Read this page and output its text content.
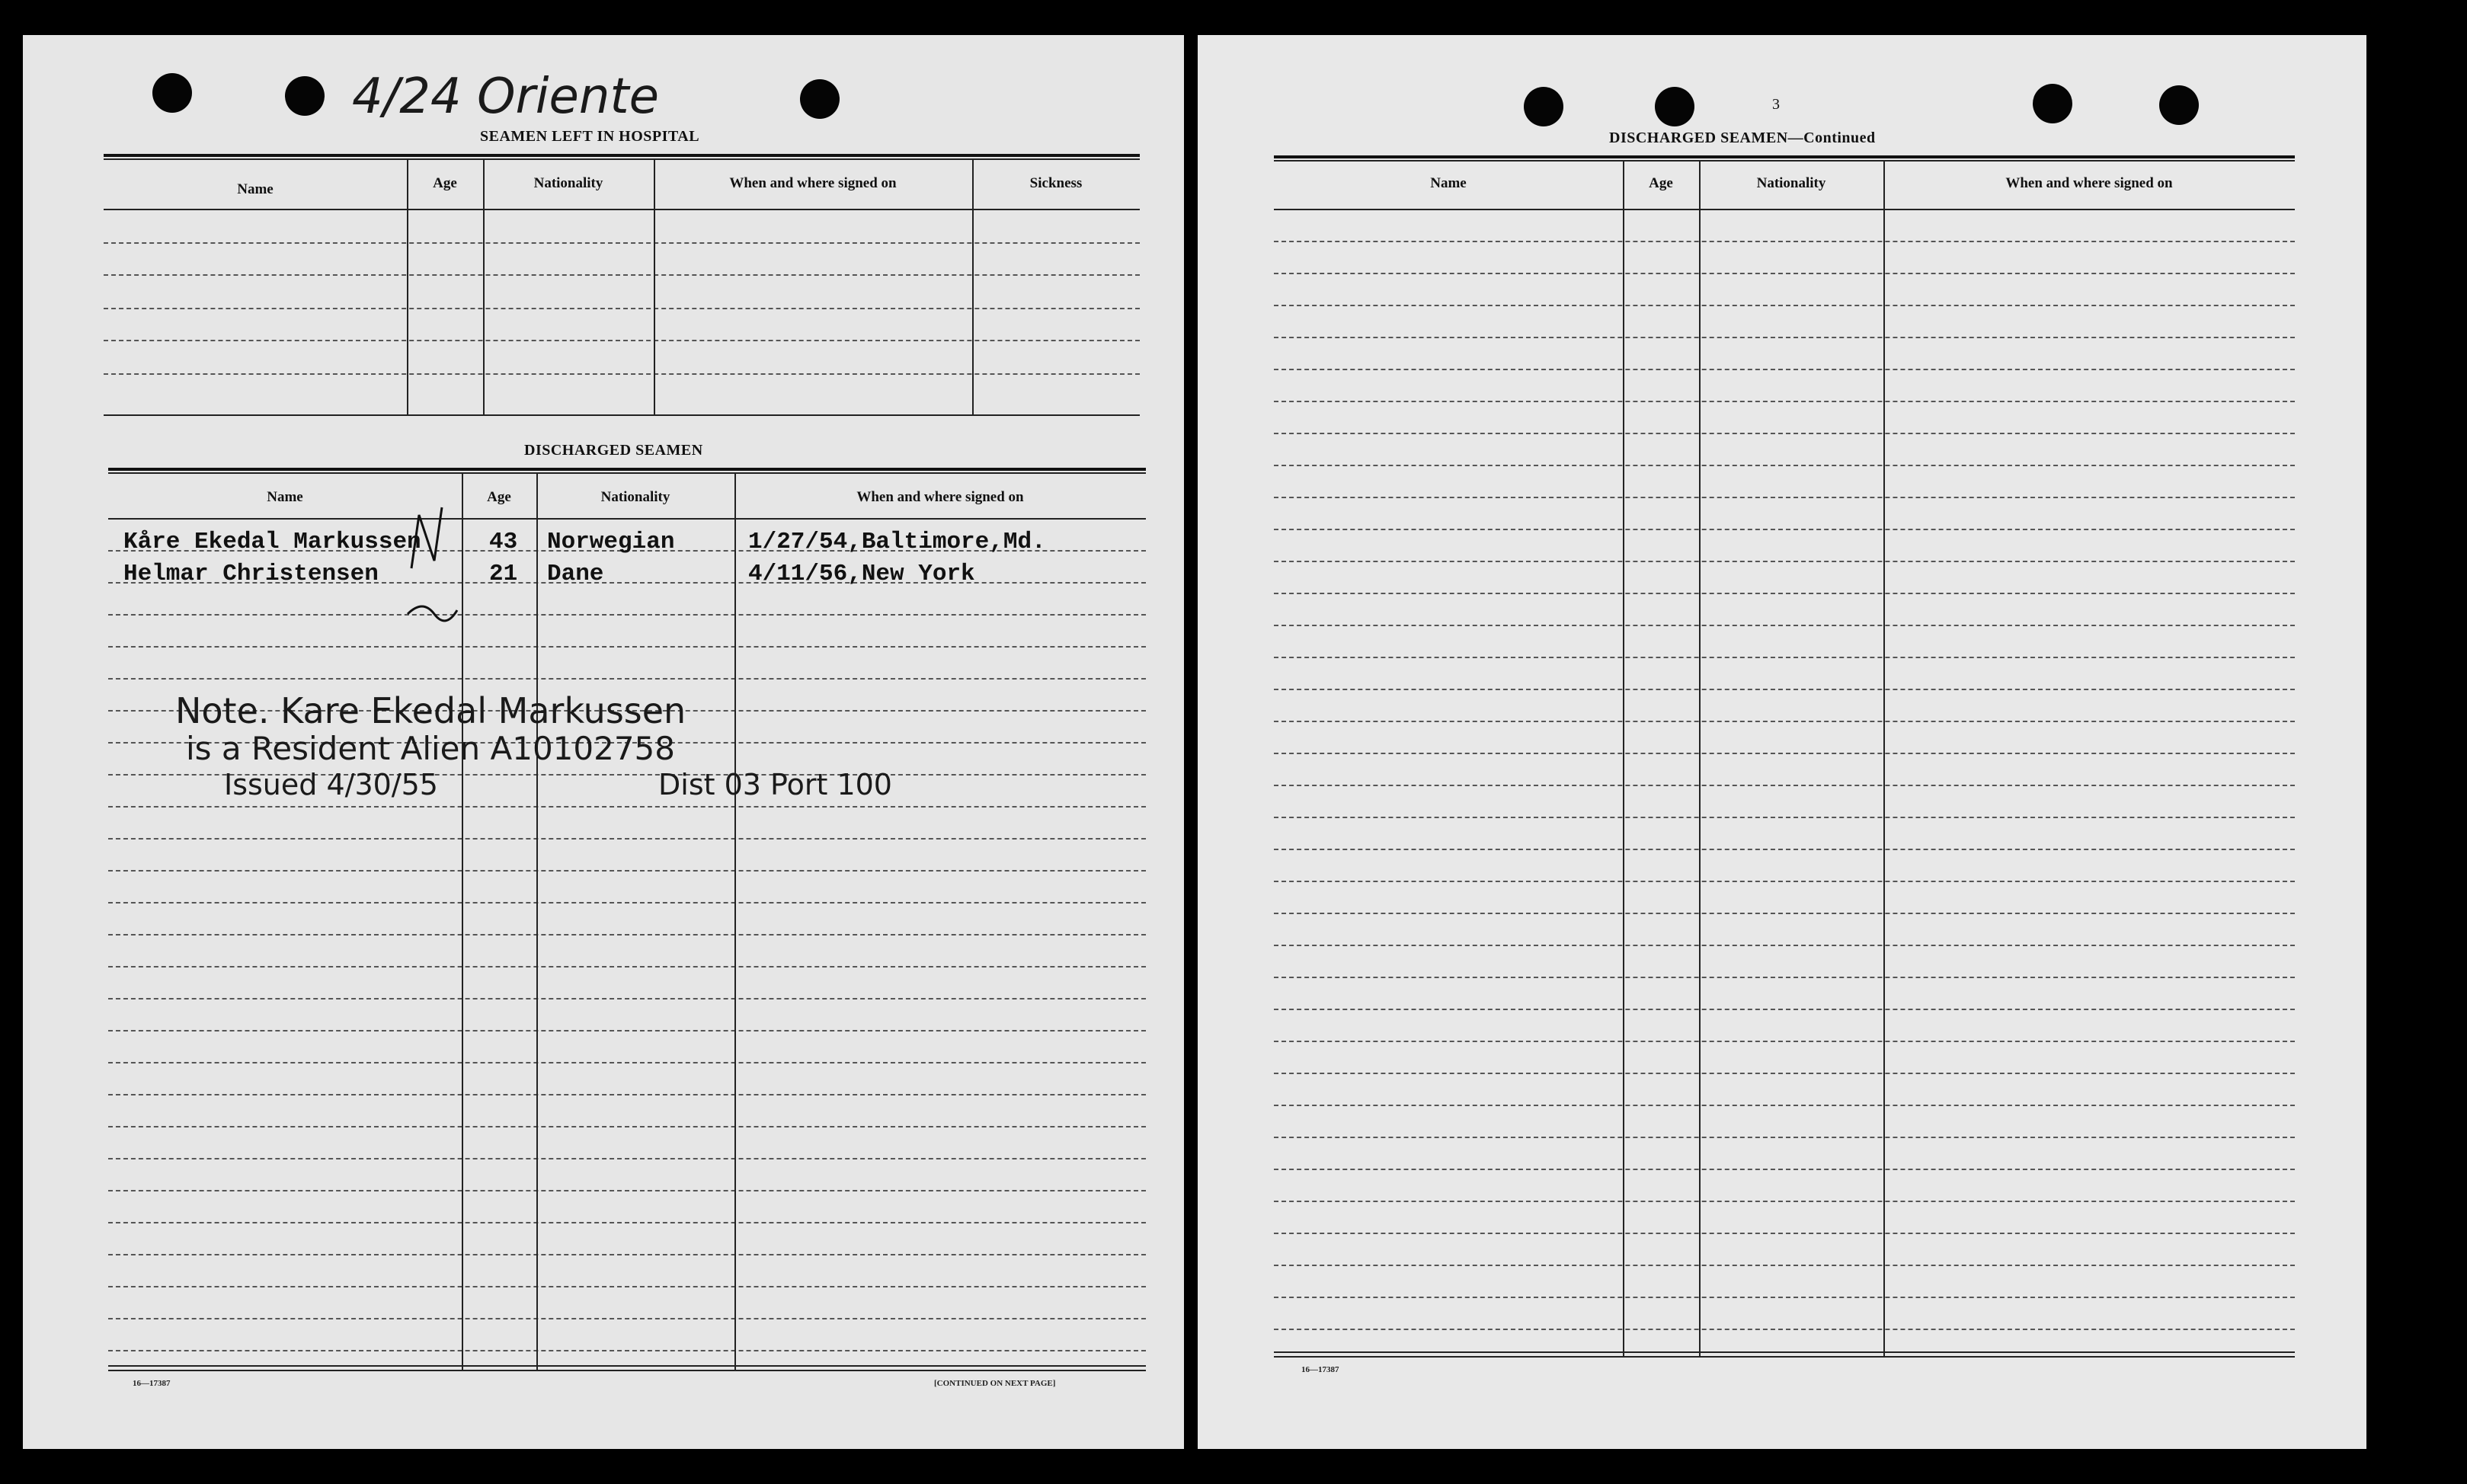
4/24 Oriente
SEAMEN LEFT IN HOSPITAL
Name	Age	Nationality	When and where signed on	Sickness
DISCHARGED SEAMEN
Name	Age	Nationality	When and where signed on
Kåre Ekedal Markussen	43 Norwegian	1/27/54,Baltimore,Md.
Helmar Christensen	21 Dane	4/11/56,New York
Note. Kare Ekedal Markussen
is a Resident Alien A10102758
Issued 4/30/55	Dist 03 Port 100
16—17387	[CONTINUED ON NEXT PAGE]
3
DISCHARGED SEAMEN—Continued
Name	Age	Nationality	When and where signed on
16—17387
